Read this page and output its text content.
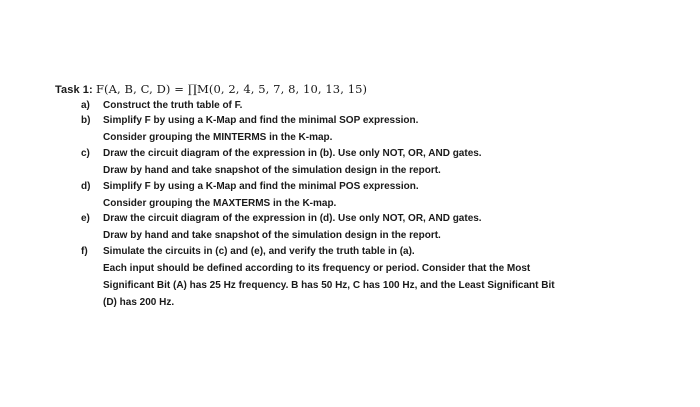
Task 1: F(A, B, C, D) = ∏M(0, 2, 4, 5, 7, 8, 10, 13, 15)
a) Construct the truth table of F.
b) Simplify F by using a K-Map and find the minimal SOP expression.
Consider grouping the MINTERMS in the K-map.
c) Draw the circuit diagram of the expression in (b). Use only NOT, OR, AND gates.
Draw by hand and take snapshot of the simulation design in the report.
d) Simplify F by using a K-Map and find the minimal POS expression.
Consider grouping the MAXTERMS in the K-map.
e) Draw the circuit diagram of the expression in (d). Use only NOT, OR, AND gates.
Draw by hand and take snapshot of the simulation design in the report.
f) Simulate the circuits in (c) and (e), and verify the truth table in (a).
Each input should be defined according to its frequency or period. Consider that the Most
Significant Bit (A) has 25 Hz frequency. B has 50 Hz, C has 100 Hz, and the Least Significant Bit
(D) has 200 Hz.
